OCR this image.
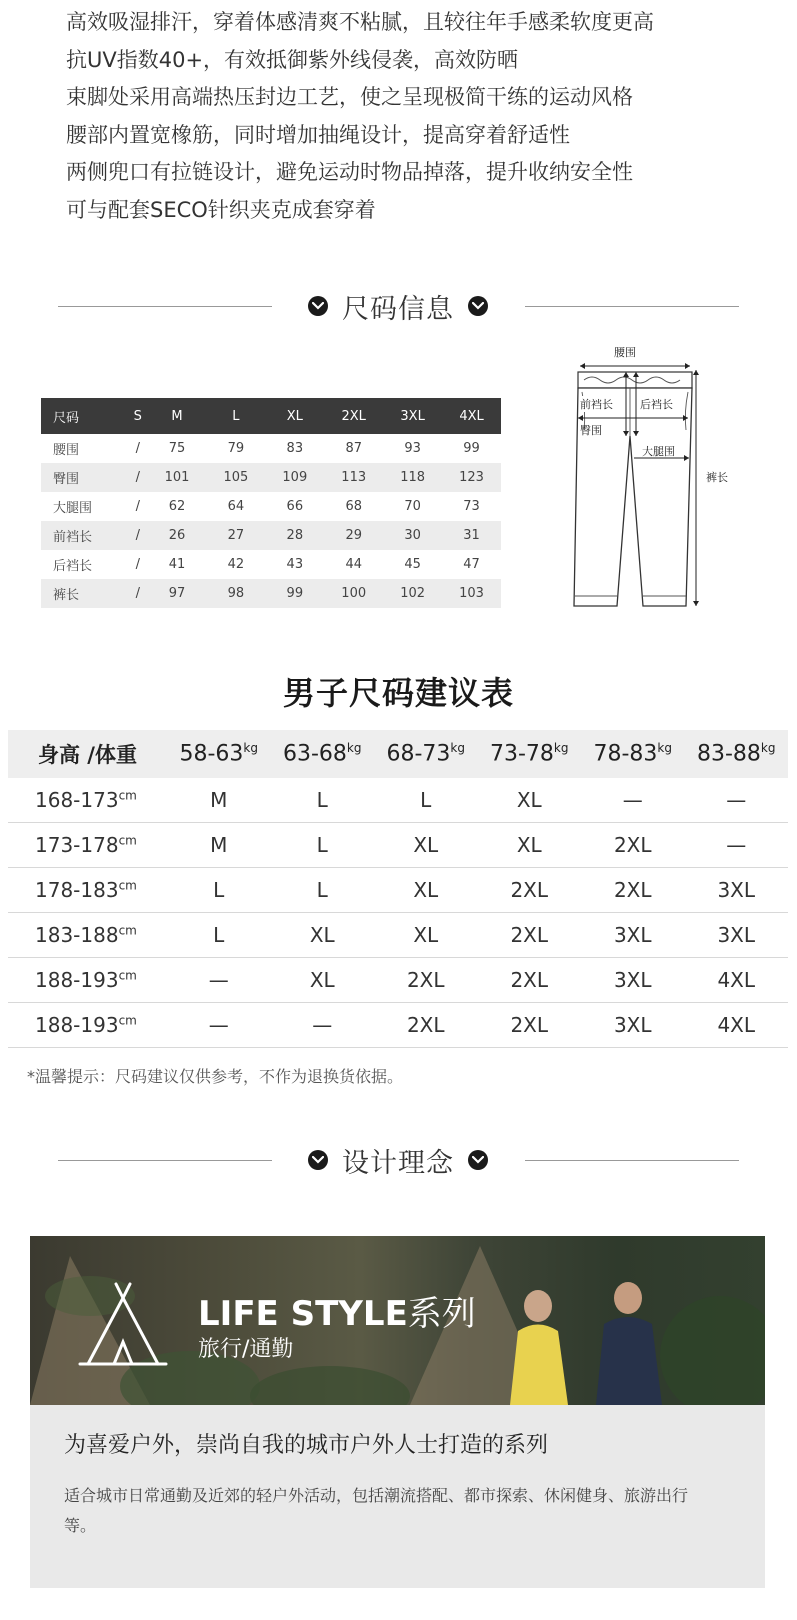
高效吸湿排汗，穿着体感清爽不粘腻，且较往年手感柔软度更高
抗UV指数40+，有效抵御紫外线侵袭，高效防晒
束脚处采用高端热压封边工艺，使之呈现极简干练的运动风格
腰部内置宽橡筋，同时增加抽绳设计，提高穿着舒适性
两侧兜口有拉链设计，避免运动时物品掉落，提升收纳安全性
可与配套SECO针织夹克成套穿着
尺码信息
尺码	S	M	L	XL	2XL	3XL	4XL
腰围	/	75	79	83	87	93	99
臀围	/	101	105	109	113	118	123
大腿围	/	62	64	66	68	70	73
前裆长	/	26	27	28	29	30	31
后裆长	/	41	42	43	44	45	47
裤长	/	97	98	99	100	102	103
腰围
前裆长 后裆长
臀围
大腿围
裤长
男子尺码建议表
身高 /体重	$58-63^{kg}$	$63-68^{kg}$	$68-73^{kg}$	$73-78^{kg}$	$78-83^{kg}$	$83-88^{kg}$
$168-173^{cm}$	M	L	L	XL	—	—
$173-178^{cm}$	M	L	XL	XL	2XL	—
$178-183^{cm}$	L	L	XL	2XL	2XL	3XL
$183-188^{cm}$	L	XL	XL	2XL	3XL	3XL
$188-193^{cm}$	—	XL	2XL	2XL	3XL	4XL
$188-193^{cm}$	—	—	2XL	2XL	3XL	4XL
*温馨提示：尺码建议仅供参考，不作为退换货依据。
设计理念
LIFE STYLE系列
旅行/通勤
为喜爱户外，崇尚自我的城市户外人士打造的系列
适合城市日常通勤及近郊的轻户外活动，包括潮流搭配、都市探索、休闲健身、旅游出行等。
